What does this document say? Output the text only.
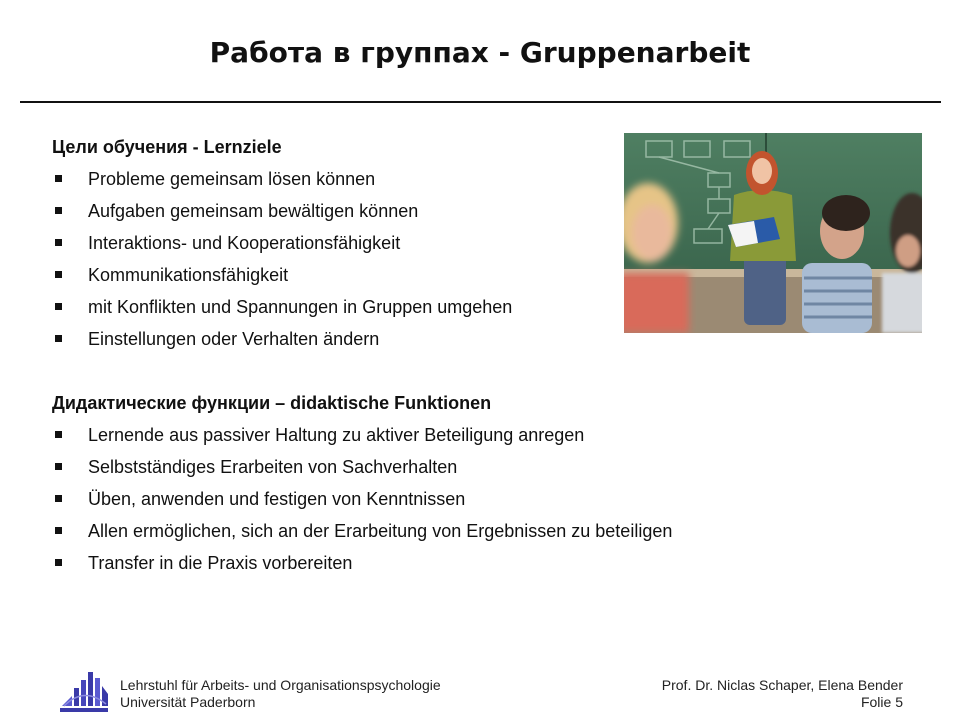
Работа в группах - Gruppenarbeit
Цели обучения - Lernziele
Probleme gemeinsam lösen können
Aufgaben gemeinsam bewältigen können
Interaktions- und Kooperationsfähigkeit
Kommunikationsfähigkeit
mit Konflikten und Spannungen in Gruppen umgehen
Einstellungen oder Verhalten ändern
Дидактические функции – didaktische Funktionen
Lernende aus passiver Haltung zu aktiver Beteiligung anregen
Selbstständiges Erarbeiten von Sachverhalten
Üben, anwenden und festigen von Kenntnissen
Allen ermöglichen, sich an der Erarbeitung von Ergebnissen zu beteiligen
Transfer in die Praxis vorbereiten
Lehrstuhl für Arbeits- und Organisationspsychologie
Universität Paderborn
Prof. Dr. Niclas Schaper, Elena Bender
Folie 5
